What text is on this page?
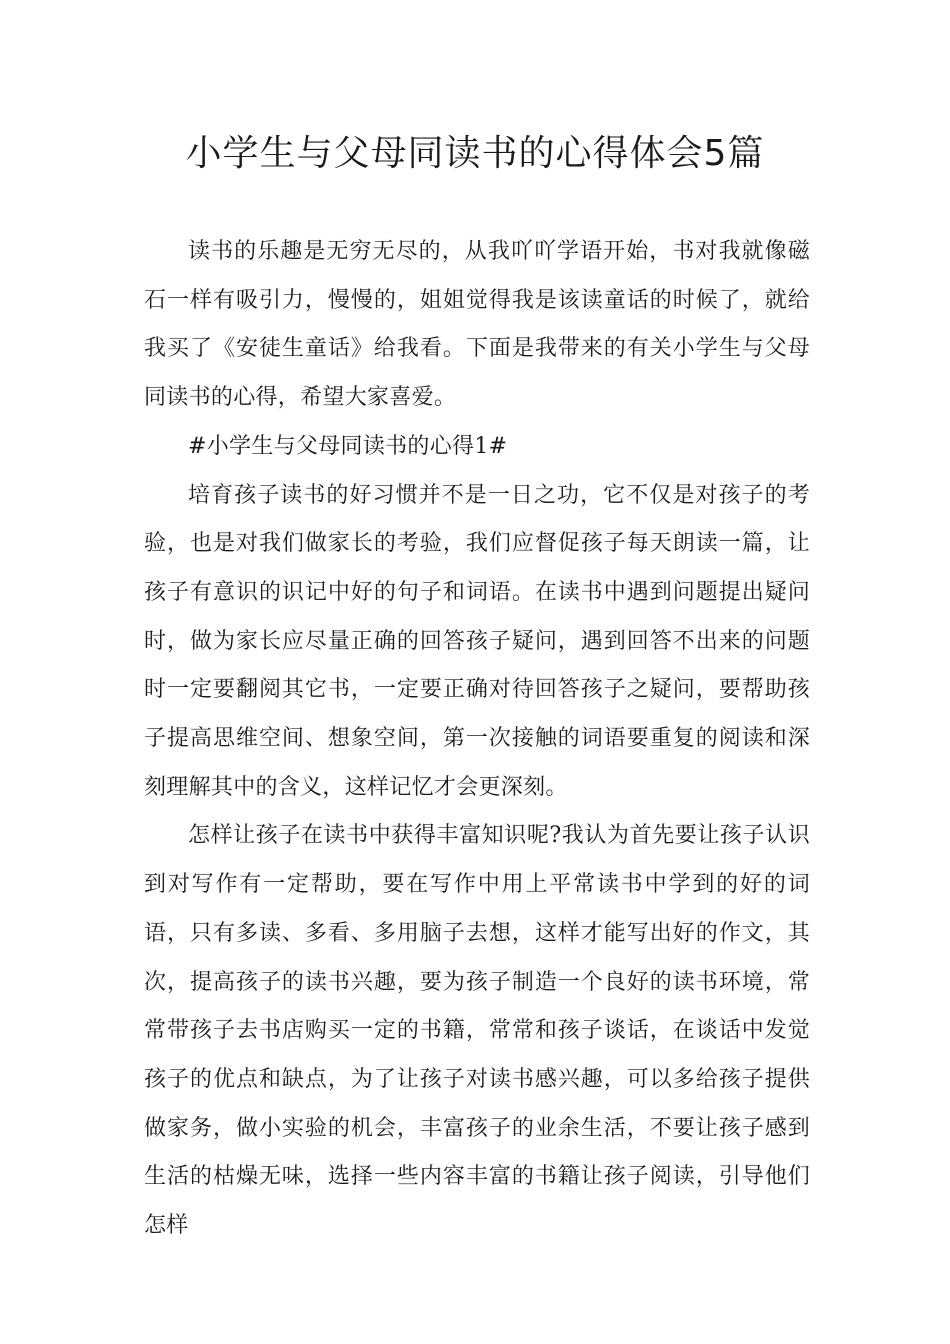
小学生与父母同读书的心得体会5篇

读书的乐趣是无穷无尽的，从我吖吖学语开始，书对我就像磁石一样有吸引力，慢慢的，姐姐觉得我是该读童话的时候了，就给我买了《安徒生童话》给我看。下面是我带来的有关小学生与父母同读书的心得，希望大家喜爱。

#小学生与父母同读书的心得1#

培育孩子读书的好习惯并不是一日之功，它不仅是对孩子的考验，也是对我们做家长的考验，我们应督促孩子每天朗读一篇，让孩子有意识的识记中好的句子和词语。在读书中遇到问题提出疑问时，做为家长应尽量正确的回答孩子疑问，遇到回答不出来的问题时一定要翻阅其它书，一定要正确对待回答孩子之疑问，要帮助孩子提高思维空间、想象空间，第一次接触的词语要重复的阅读和深刻理解其中的含义，这样记忆才会更深刻。

怎样让孩子在读书中获得丰富知识呢?我认为首先要让孩子认识到对写作有一定帮助，要在写作中用上平常读书中学到的好的词语，只有多读、多看、多用脑子去想，这样才能写出好的作文，其次，提高孩子的读书兴趣，要为孩子制造一个良好的读书环境，常常带孩子去书店购买一定的书籍，常常和孩子谈话，在谈话中发觉孩子的优点和缺点，为了让孩子对读书感兴趣，可以多给孩子提供做家务，做小实验的机会，丰富孩子的业余生活，不要让孩子感到生活的枯燥无味，选择一些内容丰富的书籍让孩子阅读，引导他们怎样
